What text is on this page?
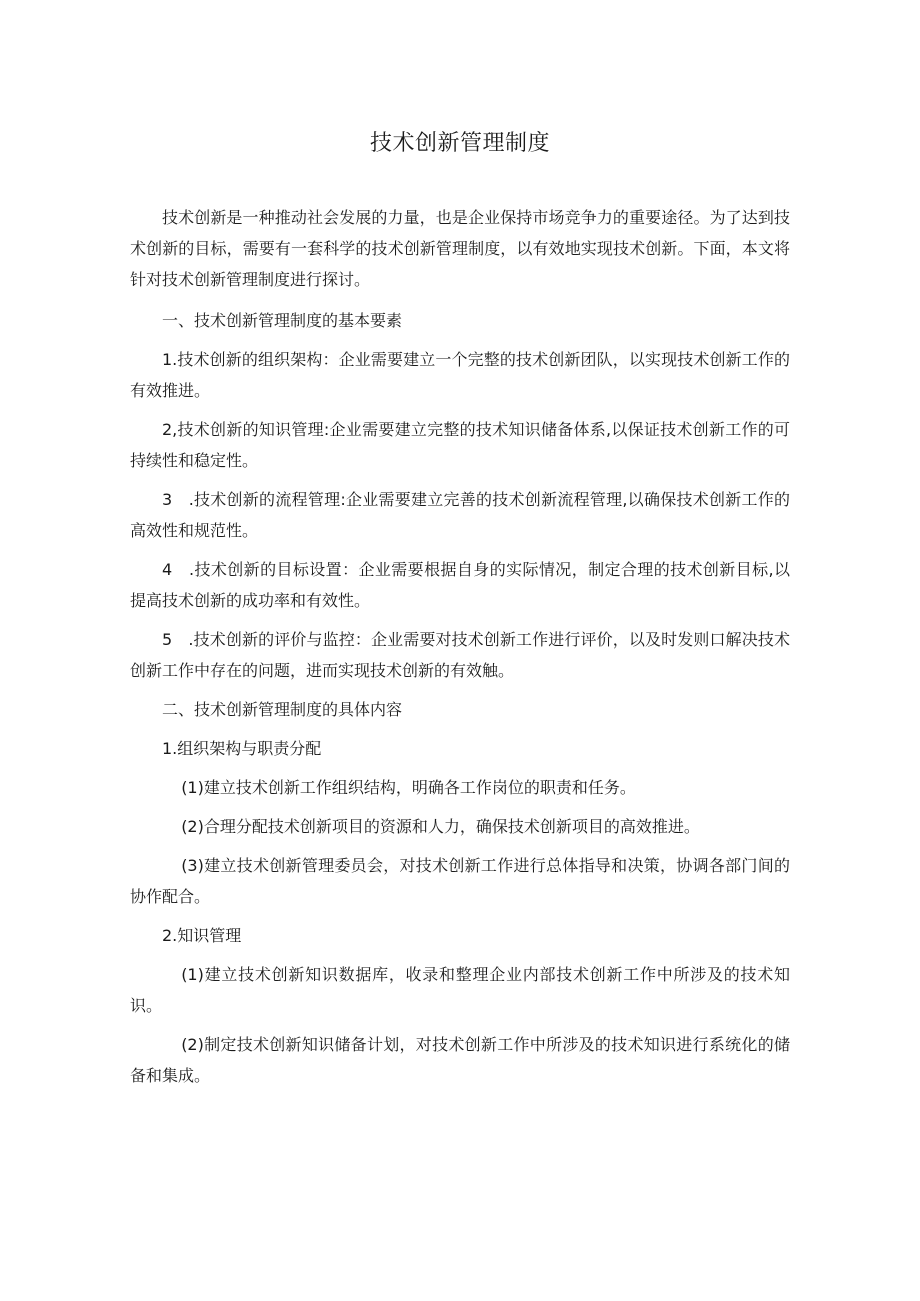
技术创新管理制度

技术创新是一种推动社会发展的力量，也是企业保持市场竞争力的重要途径。为了达到技术创新的目标，需要有一套科学的技术创新管理制度，以有效地实现技术创新。下面，本文将针对技术创新管理制度进行探讨。

一、技术创新管理制度的基本要素

1.技术创新的组织架构：企业需要建立一个完整的技术创新团队，以实现技术创新工作的有效推进。

2,技术创新的知识管理:企业需要建立完整的技术知识储备体系,以保证技术创新工作的可持续性和稳定性。

3　.技术创新的流程管理:企业需要建立完善的技术创新流程管理,以确保技术创新工作的高效性和规范性。

4　.技术创新的目标设置：企业需要根据自身的实际情况，制定合理的技术创新目标,以提高技术创新的成功率和有效性。

5　.技术创新的评价与监控：企业需要对技术创新工作进行评价，以及时发则口解决技术创新工作中存在的问题，进而实现技术创新的有效触。

二、技术创新管理制度的具体内容

1.组织架构与职责分配

(1)建立技术创新工作组织结构，明确各工作岗位的职责和任务。

(2)合理分配技术创新项目的资源和人力，确保技术创新项目的高效推进。

(3)建立技术创新管理委员会，对技术创新工作进行总体指导和决策，协调各部门间的协作配合。

2.知识管理

(1)建立技术创新知识数据库，收录和整理企业内部技术创新工作中所涉及的技术知识。

(2)制定技术创新知识储备计划，对技术创新工作中所涉及的技术知识进行系统化的储备和集成。
